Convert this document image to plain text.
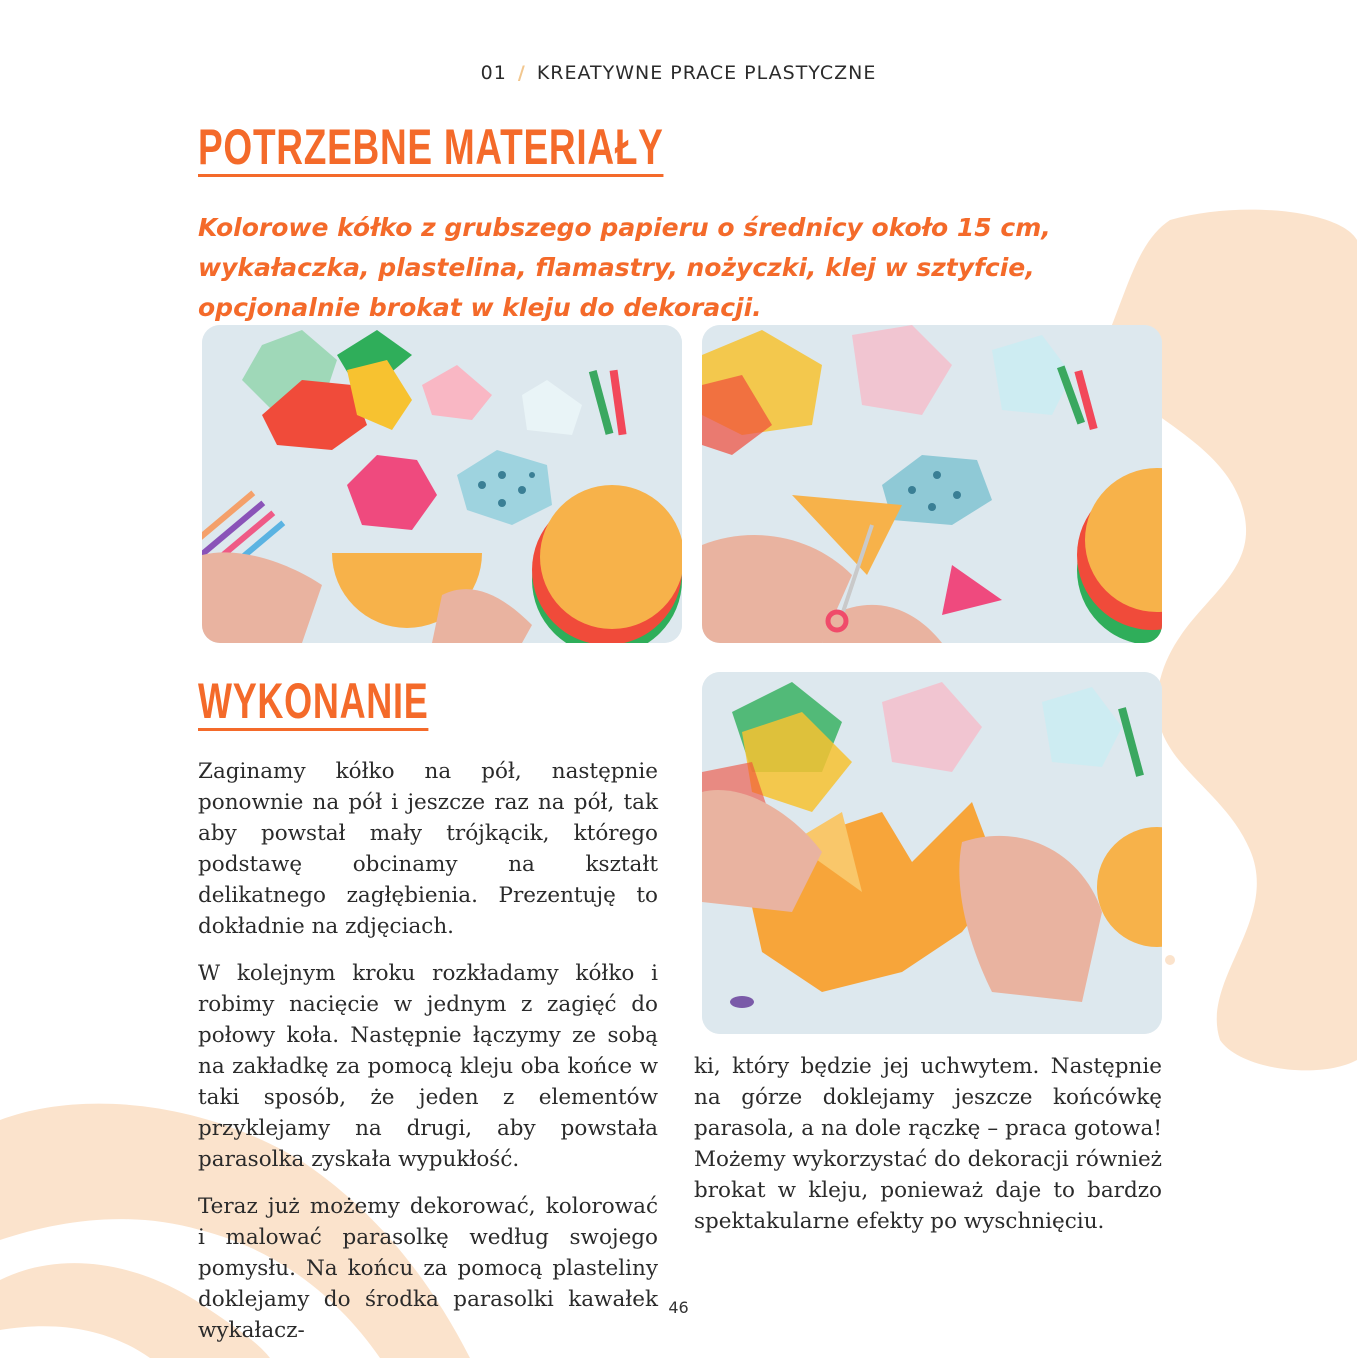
01 / KREATYWNE PRACE PLASTYCZNE
POTRZEBNE MATERIAŁY
Kolorowe kółko z grubszego papieru o średnicy około 15 cm, wykałaczka, plastelina, flamastry, nożyczki, klej w sztyfcie, opcjonalnie brokat w kleju do dekoracji.
WYKONANIE

Zaginamy kółko na pół, następnie ponownie na pół i jeszcze raz na pół, tak aby powstał mały trójkącik, którego podstawę obcinamy na kształt delikatnego zagłębienia. Prezentuję to dokładnie na zdjęciach.

W kolejnym kroku rozkładamy kółko i robimy nacięcie w jednym z zagięć do połowy koła. Następnie łączymy ze sobą na zakładkę za pomocą kleju oba końce w taki sposób, że jeden z elementów przyklejamy na drugi, aby powstała parasolka zyskała wypukłość.

Teraz już możemy dekorować, kolorować i malować parasolkę według swojego pomysłu. Na końcu za pomocą plasteliny doklejamy do środka parasolki kawałek wykałacz-

ki, który będzie jej uchwytem. Następnie na górze doklejamy jeszcze końcówkę parasola, a na dole rączkę – praca gotowa! Możemy wykorzystać do dekoracji również brokat w kleju, ponieważ daje to bardzo spektakularne efekty po wyschnięciu.

46
